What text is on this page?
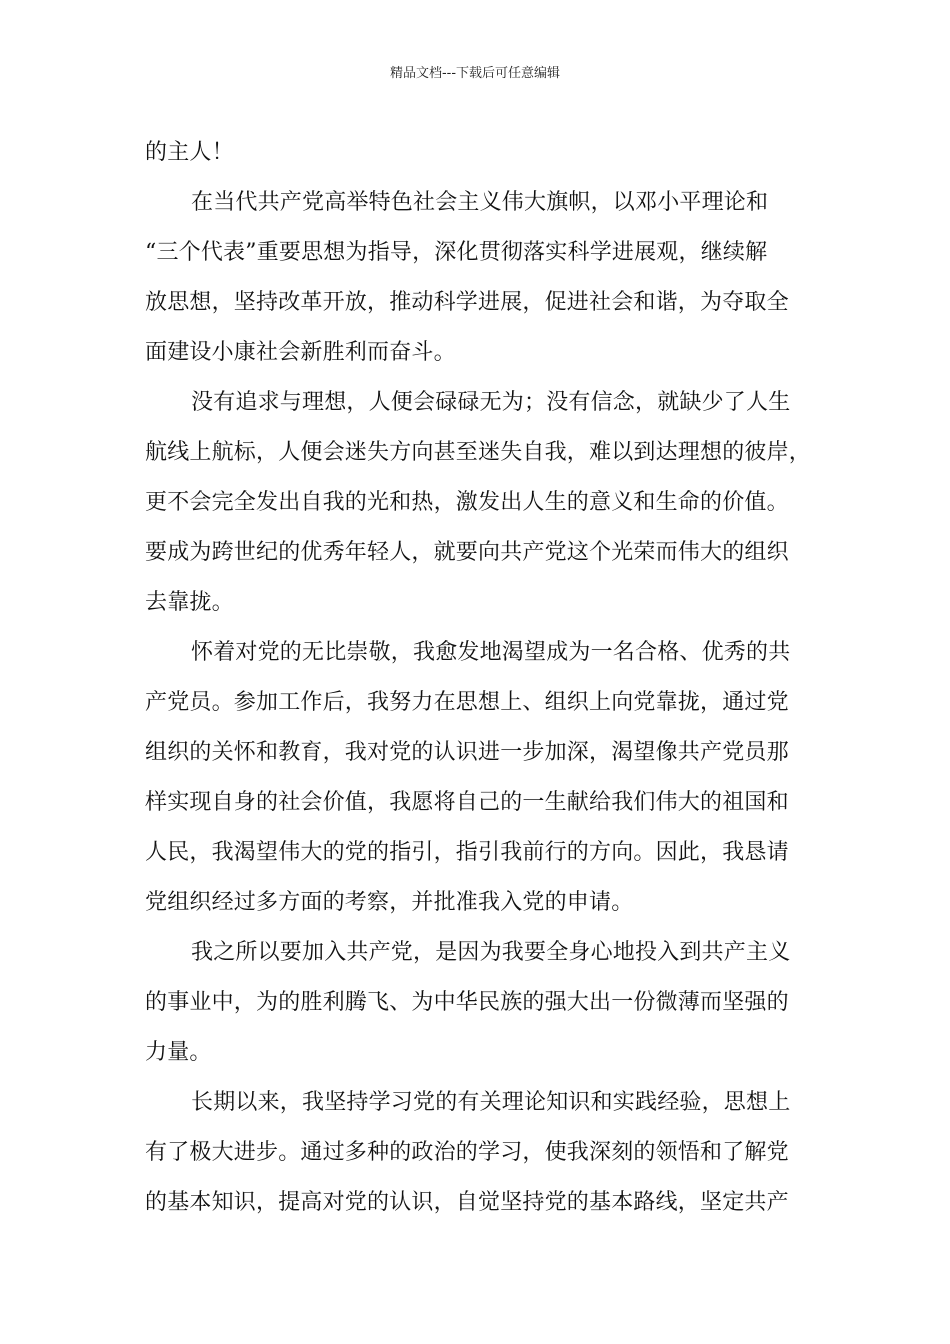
精品文档---下载后可任意编辑
的主人！
在当代共产党高举特色社会主义伟大旗帜，以邓小平理论和
“三个代表”重要思想为指导，深化贯彻落实科学进展观，继续解
放思想，坚持改革开放，推动科学进展，促进社会和谐，为夺取全
面建设小康社会新胜利而奋斗。
没有追求与理想，人便会碌碌无为；没有信念，就缺少了人生
航线上航标，人便会迷失方向甚至迷失自我，难以到达理想的彼岸，
更不会完全发出自我的光和热，激发出人生的意义和生命的价值。
要成为跨世纪的优秀年轻人，就要向共产党这个光荣而伟大的组织
去靠拢。
怀着对党的无比崇敬，我愈发地渴望成为一名合格、优秀的共
产党员。参加工作后，我努力在思想上、组织上向党靠拢，通过党
组织的关怀和教育，我对党的认识进一步加深，渴望像共产党员那
样实现自身的社会价值，我愿将自己的一生献给我们伟大的祖国和
人民，我渴望伟大的党的指引，指引我前行的方向。因此，我恳请
党组织经过多方面的考察，并批准我入党的申请。
我之所以要加入共产党，是因为我要全身心地投入到共产主义
的事业中，为的胜利腾飞、为中华民族的强大出一份微薄而坚强的
力量。
长期以来，我坚持学习党的有关理论知识和实践经验，思想上
有了极大进步。通过多种的政治的学习，使我深刻的领悟和了解党
的基本知识，提高对党的认识，自觉坚持党的基本路线，坚定共产
